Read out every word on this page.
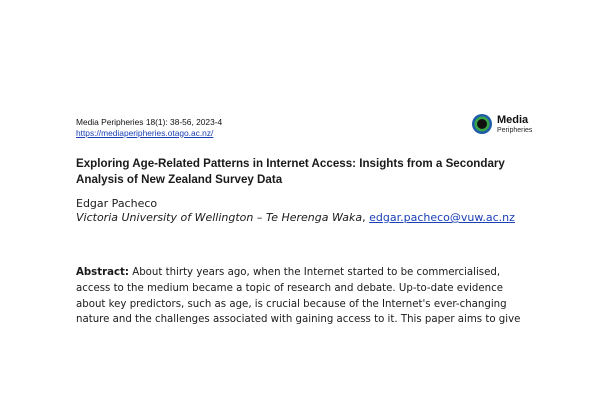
Media Peripheries 18(1): 38-56, 2023-4
https://mediaperipheries.otago.ac.nz/
Media
Peripheries
Exploring Age-Related Patterns in Internet Access: Insights from a Secondary Analysis of New Zealand Survey Data
Edgar Pacheco
Victoria University of Wellington – Te Herenga Waka, edgar.pacheco@vuw.ac.nz

Abstract: About thirty years ago, when the Internet started to be commercialised,
access to the medium became a topic of research and debate. Up-to-date evidence
about key predictors, such as age, is crucial because of the Internet's ever-changing
nature and the challenges associated with gaining access to it. This paper aims to give
